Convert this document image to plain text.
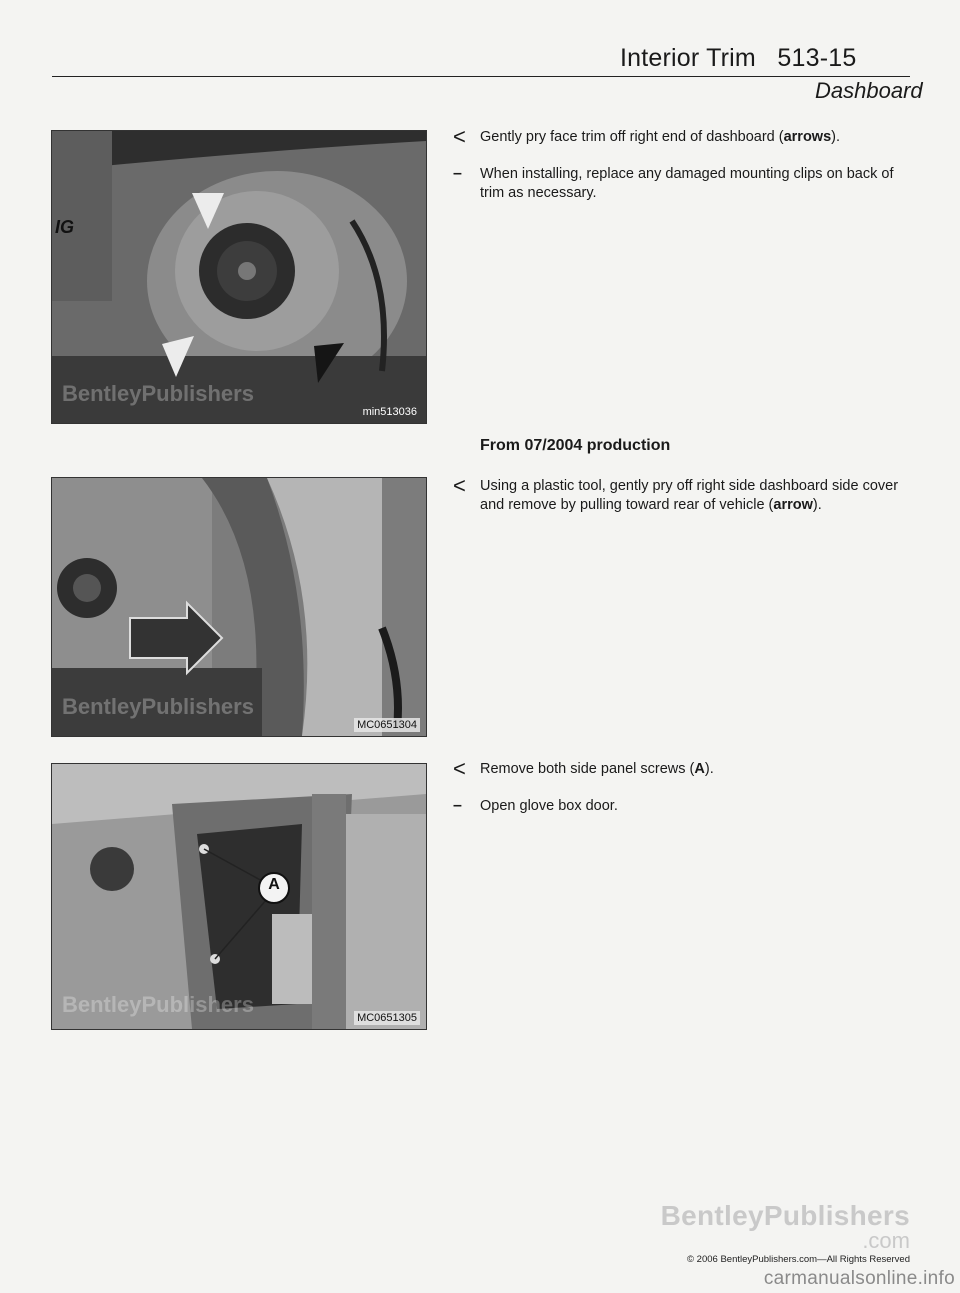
Interior Trim   513-15
Dashboard
IG
BentleyPublishers
min513036
BentleyPublishers
MC0651304
A
BentleyPublishers
MC0651305
< Gently pry face trim off right end of dashboard (arrows).
– When installing, replace any damaged mounting clips on back of trim as necessary.
From 07/2004 production
< Using a plastic tool, gently pry off right side dashboard side cover and remove by pulling toward rear of vehicle (arrow).
< Remove both side panel screws (A).
– Open glove box door.
BentleyPublishers
.com
© 2006 BentleyPublishers.com—All Rights Reserved
carmanualsonline.info
